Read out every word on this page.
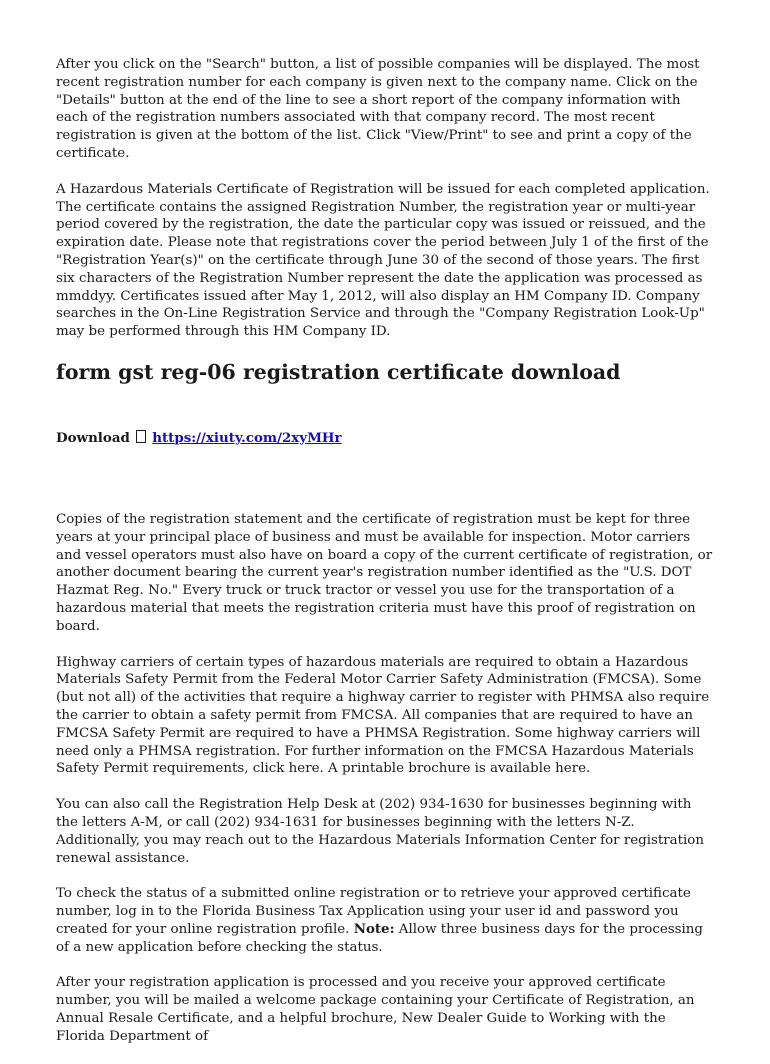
After you click on the "Search" button, a list of possible companies will be displayed. The most recent registration number for each company is given next to the company name. Click on the "Details" button at the end of the line to see a short report of the company information with each of the registration numbers associated with that company record. The most recent registration is given at the bottom of the list. Click "View/Print" to see and print a copy of the certificate.

A Hazardous Materials Certificate of Registration will be issued for each completed application. The certificate contains the assigned Registration Number, the registration year or multi-year period covered by the registration, the date the particular copy was issued or reissued, and the expiration date. Please note that registrations cover the period between July 1 of the first of the "Registration Year(s)" on the certificate through June 30 of the second of those years. The first six characters of the Registration Number represent the date the application was processed as mmddyy. Certificates issued after May 1, 2012, will also display an HM Company ID. Company searches in the On-Line Registration Service and through the "Company Registration Look-Up" may be performed through this HM Company ID.

form gst reg-06 registration certificate download
Download https://xiuty.com/2xyMHr

Copies of the registration statement and the certificate of registration must be kept for three years at your principal place of business and must be available for inspection. Motor carriers and vessel operators must also have on board a copy of the current certificate of registration, or another document bearing the current year's registration number identified as the "U.S. DOT Hazmat Reg. No." Every truck or truck tractor or vessel you use for the transportation of a hazardous material that meets the registration criteria must have this proof of registration on board.

Highway carriers of certain types of hazardous materials are required to obtain a Hazardous Materials Safety Permit from the Federal Motor Carrier Safety Administration (FMCSA). Some (but not all) of the activities that require a highway carrier to register with PHMSA also require the carrier to obtain a safety permit from FMCSA. All companies that are required to have an FMCSA Safety Permit are required to have a PHMSA Registration. Some highway carriers will need only a PHMSA registration. For further information on the FMCSA Hazardous Materials Safety Permit requirements, click here. A printable brochure is available here.

You can also call the Registration Help Desk at (202) 934-1630 for businesses beginning with the letters A-M, or call (202) 934-1631 for businesses beginning with the letters N-Z. Additionally, you may reach out to the Hazardous Materials Information Center for registration renewal assistance.

To check the status of a submitted online registration or to retrieve your approved certificate number, log in to the Florida Business Tax Application using your user id and password you created for your online registration profile. Note: Allow three business days for the processing of a new application before checking the status.

After your registration application is processed and you receive your approved certificate number, you will be mailed a welcome package containing your Certificate of Registration, an Annual Resale Certificate, and a helpful brochure, New Dealer Guide to Working with the Florida Department of
